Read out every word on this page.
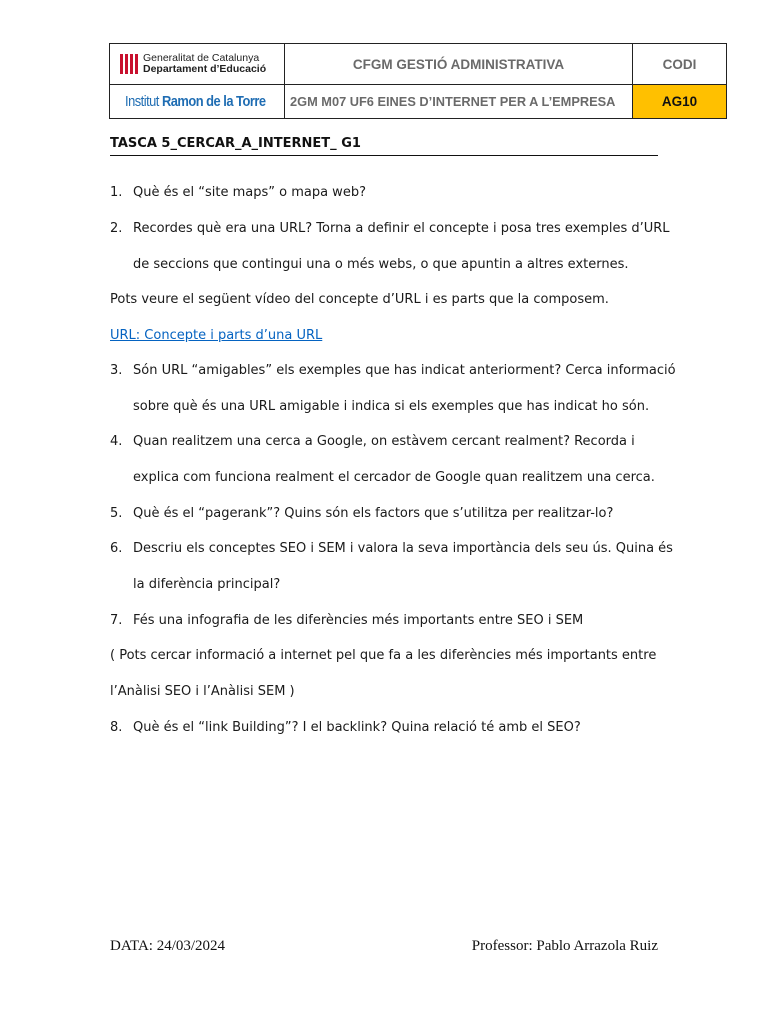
Generalitat de Catalunya
Departament d’Educació	CFGM GESTIÓ ADMINISTRATIVA	CODI

Institut Ramon de la Torre	2GM M07 UF6 EINES D’INTERNET PER A L’EMPRESA	AG10
TASCA 5_CERCAR_A_INTERNET_ G1
1. Què és el “site maps” o mapa web?
2. Recordes què era una URL? Torna a definir el concepte i posa tres exemples d’URL
de seccions que contingui una o més webs, o que apuntin a altres externes.
Pots veure el següent vídeo del concepte d’URL i es parts que la composem.
URL: Concepte i parts d’una URL
3. Són URL “amigables” els exemples que has indicat anteriorment? Cerca informació
sobre què és una URL amigable i indica si els exemples que has indicat ho són.
4. Quan realitzem una cerca a Google, on estàvem cercant realment? Recorda i
explica com funciona realment el cercador de Google quan realitzem una cerca.
5. Què és el “pagerank”? Quins són els factors que s’utilitza per realitzar-lo?
6. Descriu els conceptes SEO i SEM i valora la seva importància dels seu ús. Quina és
la diferència principal?
7. Fés una infografia de les diferències més importants entre SEO i SEM
( Pots cercar informació a internet pel que fa a les diferències més importants entre
l’Anàlisi SEO i l’Anàlisi SEM )
8. Què és el “link Building”? I el backlink? Quina relació té amb el SEO?
DATA: 24/03/2024	Professor: Pablo Arrazola Ruiz
